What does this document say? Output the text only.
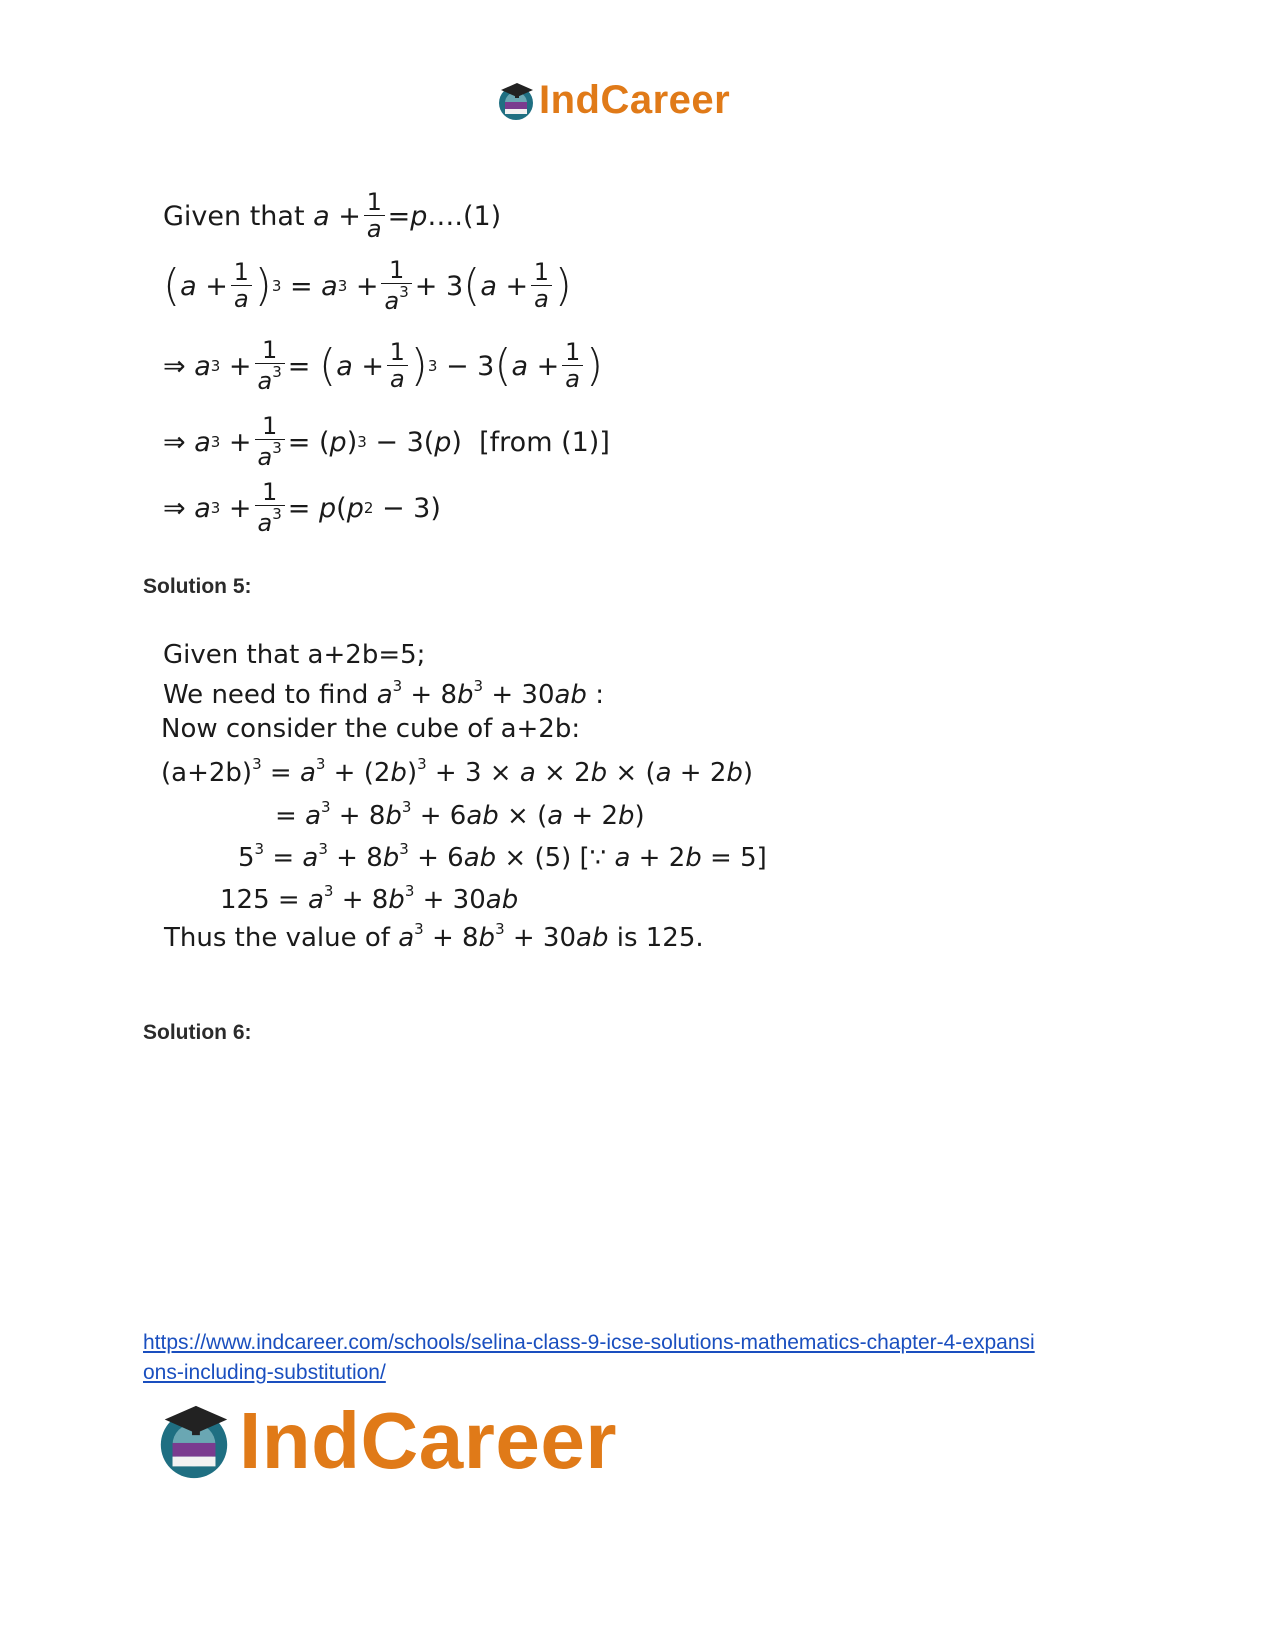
IndCareer
Given that
$a + \frac{1}{a} = p$ ….(1)
( $a + \frac{1}{a}$ ) 3 = a $3 + \frac{1}{a^3} + 3$ ( $a + \frac{1}{a}$ )
⇒ a $3 + \frac{1}{a^3}$ = ( $a + \frac{1}{a}$ ) 3 − 3 ( $a + \frac{1}{a}$ )
⇒ a $3 + \frac{1}{a^3}$ = ( p ) 3 − 3( p ) [from (1)]
⇒ a $3 + \frac{1}{a^3} = p$ ( p 2 − 3)
Solution 5:
Given that a+2b=5;
We need to find $a^3 + 8b^3 + 30ab$ :
Now consider the cube of a+2b:
$(a+2b)^3 = a^3 + (2b)^3 + 3 \times a \times 2b \times (a + 2b)$
= $a^3 + 8b^3 + 6ab \times (a + 2b)$
$5^3 = a^3 + 8b^3 + 6ab \times (5)$ [∵ a + 2b = 5]
$125 = a^3 + 8b^3 + 30ab$
Thus the value of $a^3 + 8b^3 + 30ab$ is 125.
Solution 6:
https://www.indcareer.com/schools/selina-class-9-icse-solutions-mathematics-chapter-4-expansi
ons-including-substitution/
IndCareer
